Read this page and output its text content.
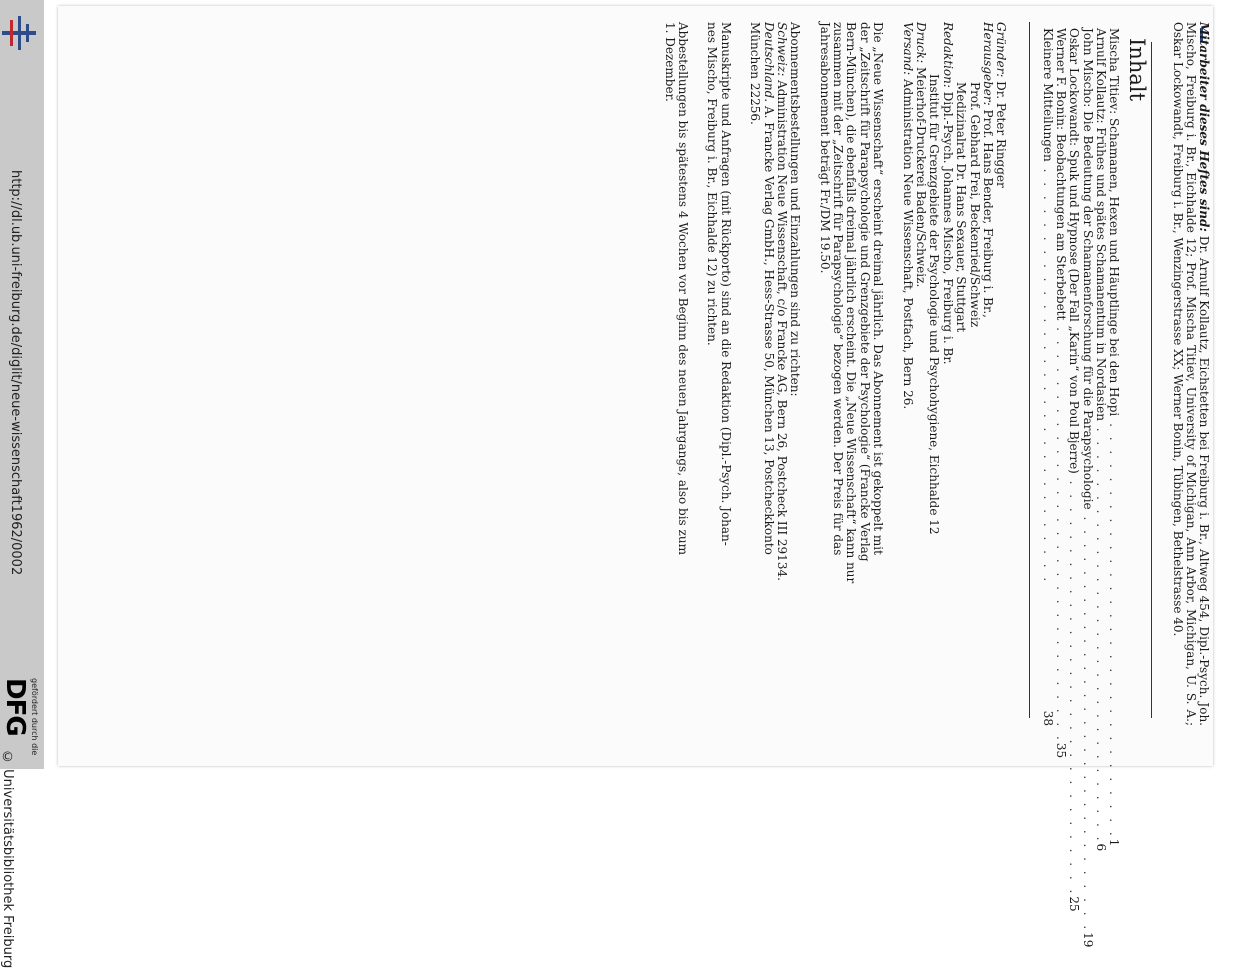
http://dl.ub.uni-freiburg.de/diglit/neue-wissenschaft1962/0002
© Universitätsbibliothek Freiburg
gefördert durch die
DFG
Mitarbeiter dieses Heftes sind: Dr. Arnulf Kollautz, Eichstetten bei Freiburg i. Br., Altweg 454, Dipl.-Psych. Joh. Mischo, Freiburg i. Br., Eichhalde 12; Prof. Mischa Titiev, University of Michigan, Ann Arbor, Michigan, U. S. A.; Oskar Lockowandt, Freiburg i. Br., Wenzingerstrasse XX; Werner Bonin, Tübingen, Bethelstrasse 40.
Inhalt
Mischa Titiev: Schamanen, Hexen und Häuptlinge bei den Hopi
. . . . . . . . . . . . . . . . . . . . . . . . . . . . . . .
1
Arnulf Kollautz: Frühes und spätes Schamanentum in Nordasien
. . . . . . . . . . . . . . . . . . . . . . . . . . . . . . .
6
John Mischo: Die Bedeutung der Schamanenforschung für die Parapsychologie
. . . . . . . . . . . . . . . . . . . . . . . . . . . . . . .
19
Oskar Lockowandt: Spuk und Hypnose (Der Fall „Karin“ von Poul Bjerre)
. . . . . . . . . . . . . . . . . . . . . . . . . . . . . . .
25
Werner F. Bonin: Beobachtungen am Sterbebett
. . . . . . . . . . . . . . . . . . . . . . . . . . . . . . .
35
Kleinere Mitteilungen
. . . . . . . . . . . . . . . . . . . . . . . . . . . . . . .
38
Gründer: Dr. Peter Ringger
Herausgeber: Prof. Hans Bender, Freiburg i. Br.,
Prof. Gebhard Frei, Beckenried/Schweiz
Medizinalrat Dr. Hans Sexauer, Stuttgart
Redaktion: Dipl.-Psych. Johannes Mischo, Freiburg i. Br.
Institut für Grenzgebiete der Psychologie und Psychohygiene, Eichhalde 12
Druck: Meierhof-Druckerei Baden/Schweiz.
Versand: Administration Neue Wissenschaft, Postfach, Bern 26.
Die „Neue Wissenschaft“ erscheint dreimal jährlich. Das Abonnement ist gekoppelt mit
der „Zeitschrift für Parapsychologie und Grenzgebiete der Psychologie“ (Francke Verlag
Bern-München), die ebenfalls dreimal jährlich erscheint. Die „Neue Wissenschaft“ kann nur
zusammen mit der „Zeitschrift für Parapsychologie“ bezogen werden. Der Preis für das
Jahresabonnement beträgt Fr./DM 19.50.
Abonnementsbestellungen und Einzahlungen sind zu richten:
Schweiz: Administration Neue Wissenschaft, c/o Francke AG, Bern 26, Postcheck III 29134.
Deutschland. A. Francke Verlag GmbH., Hess-Strasse 50, München 13, Postcheckkonto
München 22256.
Manuskripte und Anfragen (mit Rückporto) sind an die Redaktion (Dipl.-Psych. Johan-
nes Mischo, Freiburg i. Br., Eichhalde 12) zu richten.
Abbestellungen bis spätestens 4 Wochen vor Beginn des neuen Jahrgangs, also bis zum
1. Dezember.
